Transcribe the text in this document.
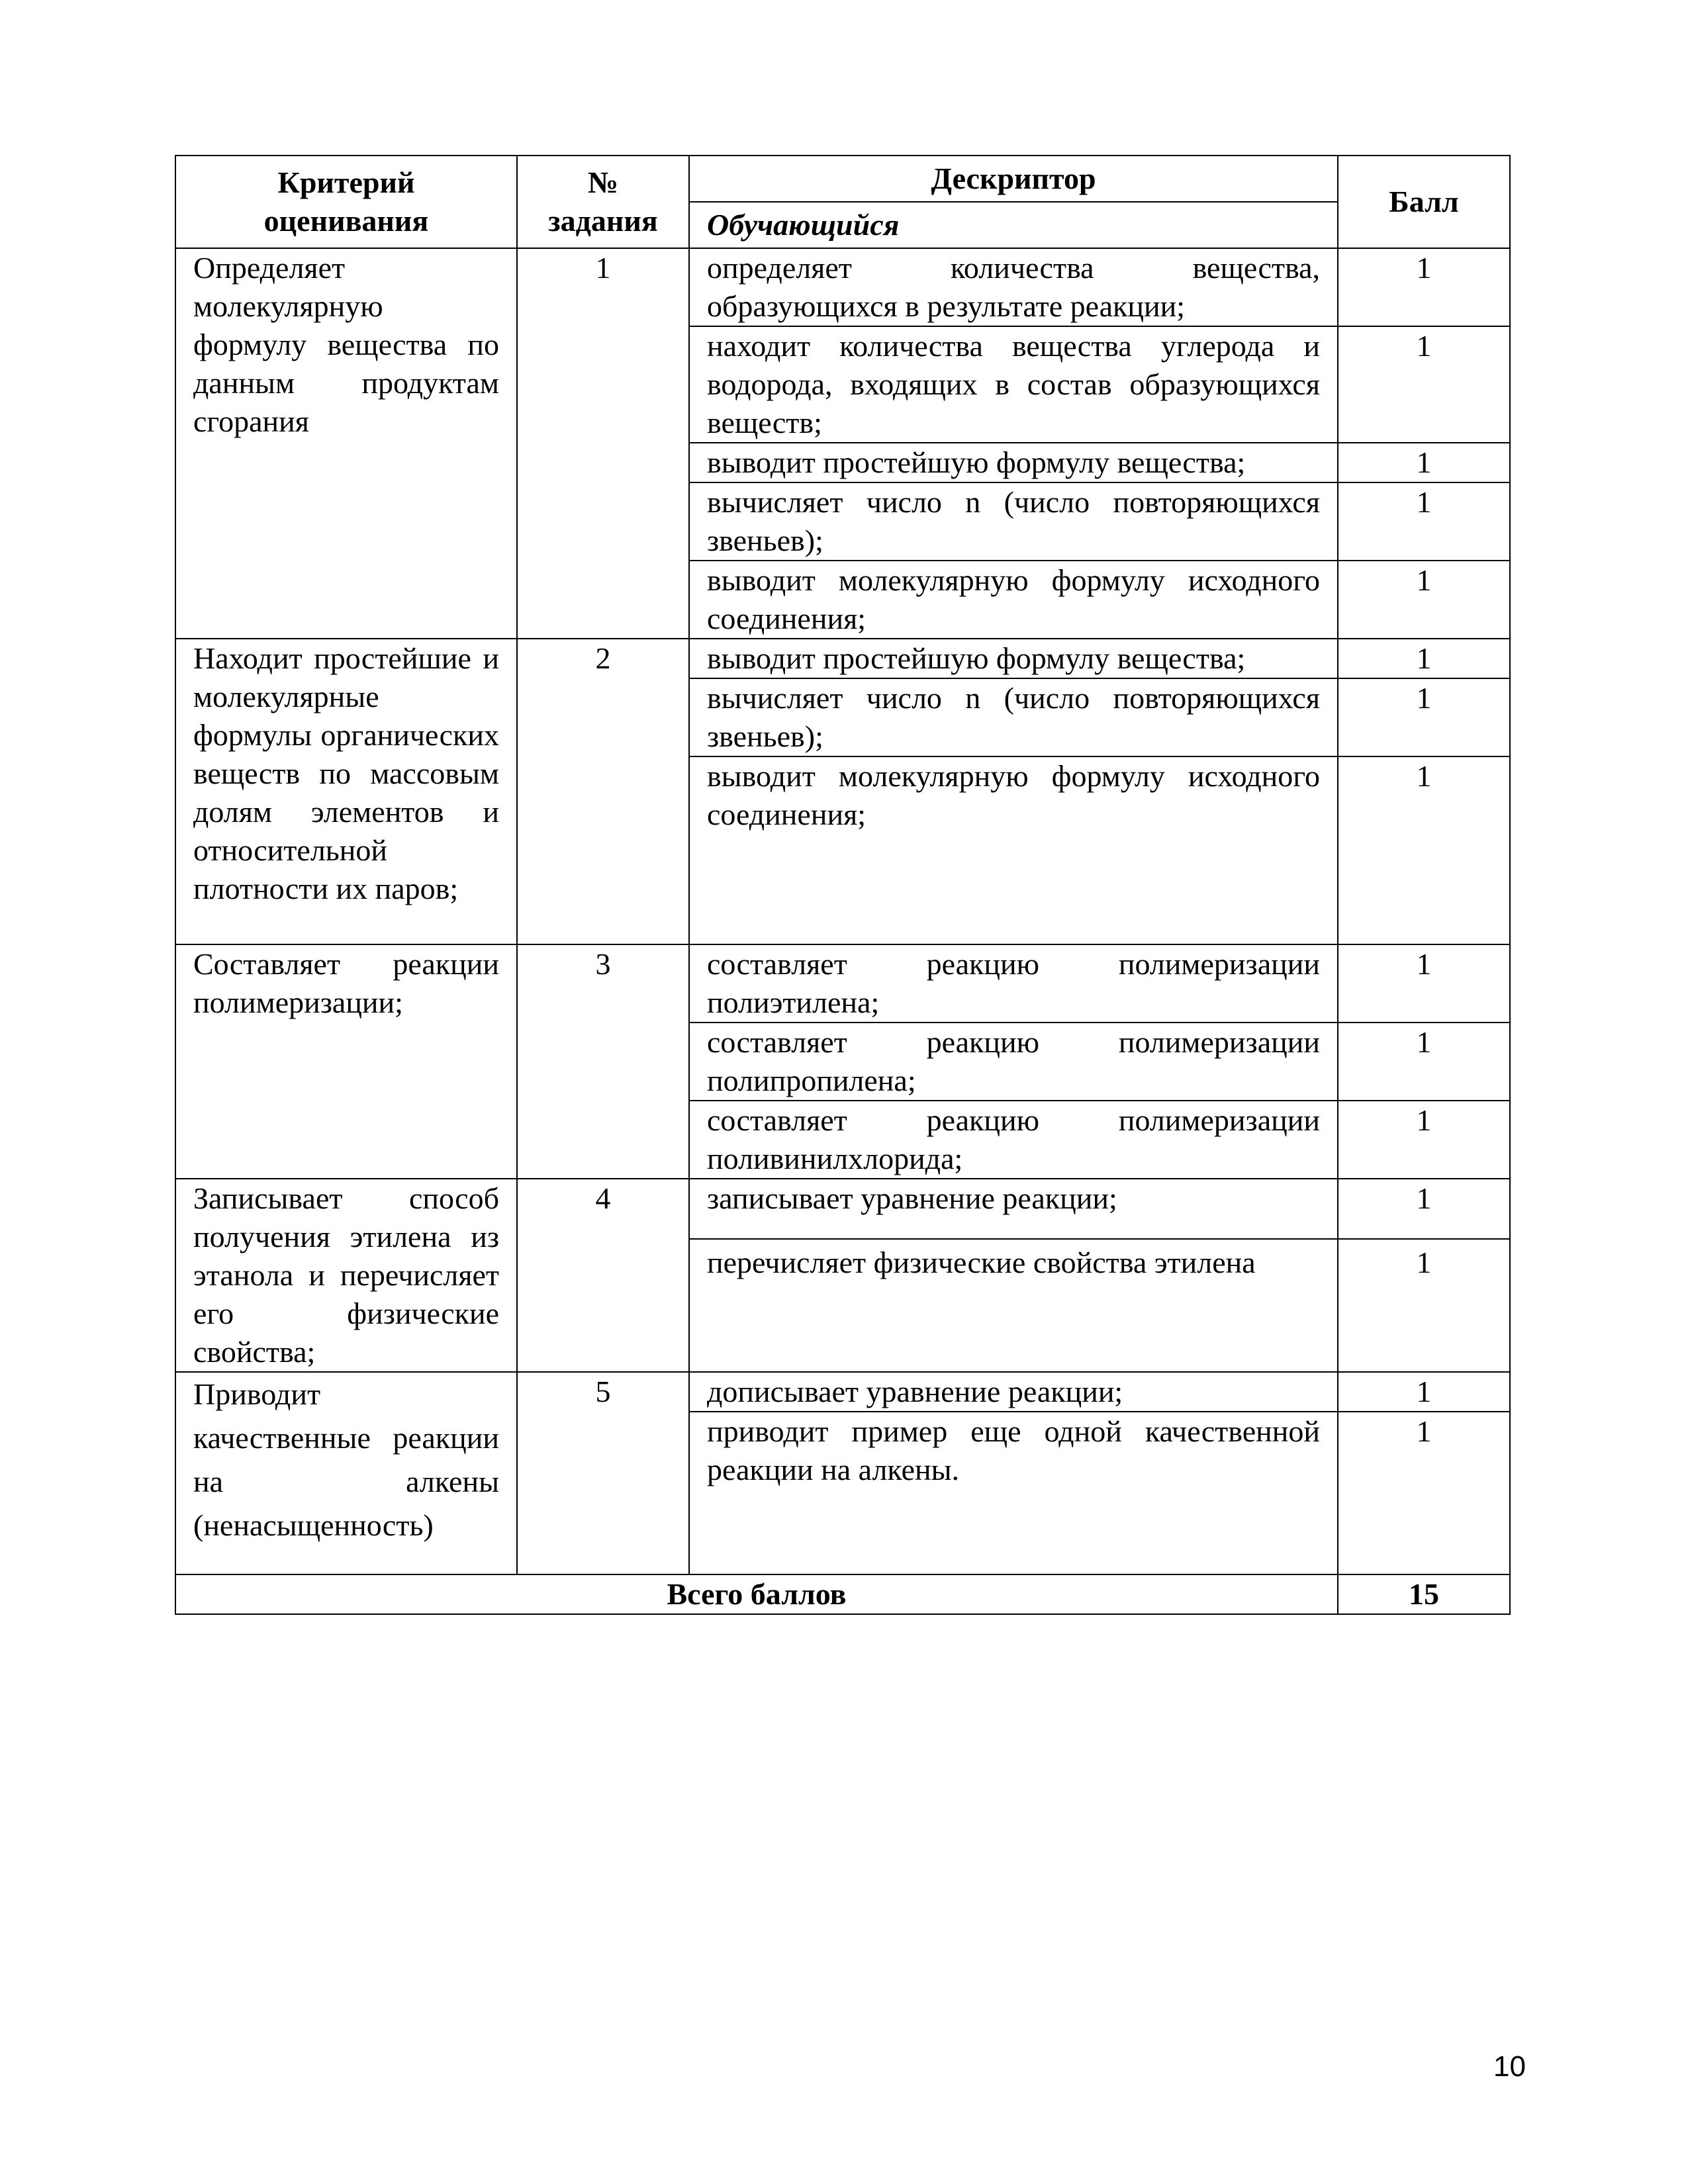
Критерий оценивания	№ задания	Дескриптор	Балл
		Обучающийся	
Определяет молекулярную формулу вещества по данным продуктам сгорания	1	определяет количества вещества, образующихся в результате реакции;	1
		находит количества вещества углерода и водорода, входящих в состав образующихся веществ;	1
		выводит простейшую формулу вещества;	1
		вычисляет число n (число повторяющихся звеньев);	1
		выводит молекулярную формулу исходного соединения;	1
Находит простейшие и молекулярные формулы органических веществ по массовым долям элементов и относительной плотности их паров;	2	выводит простейшую формулу вещества;	1
		вычисляет число n (число повторяющихся звеньев);	1
		выводит молекулярную формулу исходного соединения;	1
Составляет реакции полимеризации;	3	составляет реакцию полимеризации полиэтилена;	1
		составляет реакцию полимеризации полипропилена;	1
		составляет реакцию полимеризации поливинилхлорида;	1
Записывает способ получения этилена из этанола и перечисляет его физические свойства;	4	записывает уравнение реакции;	1
		перечисляет физические свойства этилена	1
Приводит качественные реакции на алкены (ненасыщенность)	5	дописывает уравнение реакции;	1
		приводит пример еще одной качественной реакции на алкены.	1
Всего баллов			15
10
